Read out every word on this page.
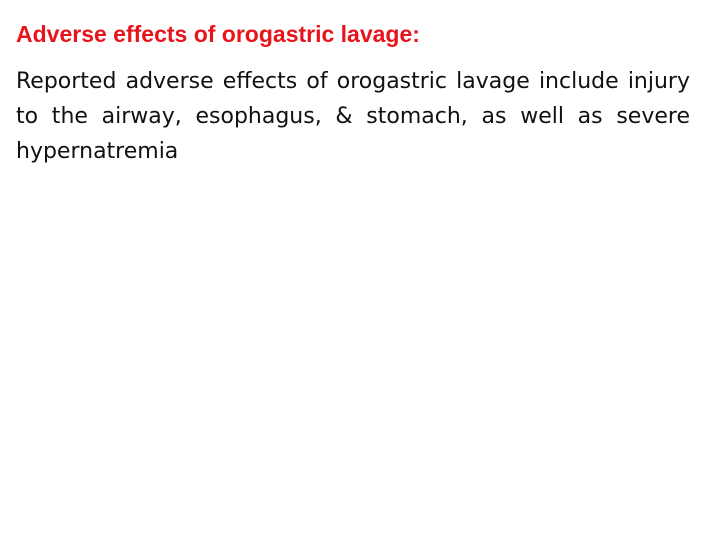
Adverse effects of orogastric lavage:

Reported adverse effects of orogastric lavage include injury to the airway, esophagus, & stomach, as well as severe hypernatremia
